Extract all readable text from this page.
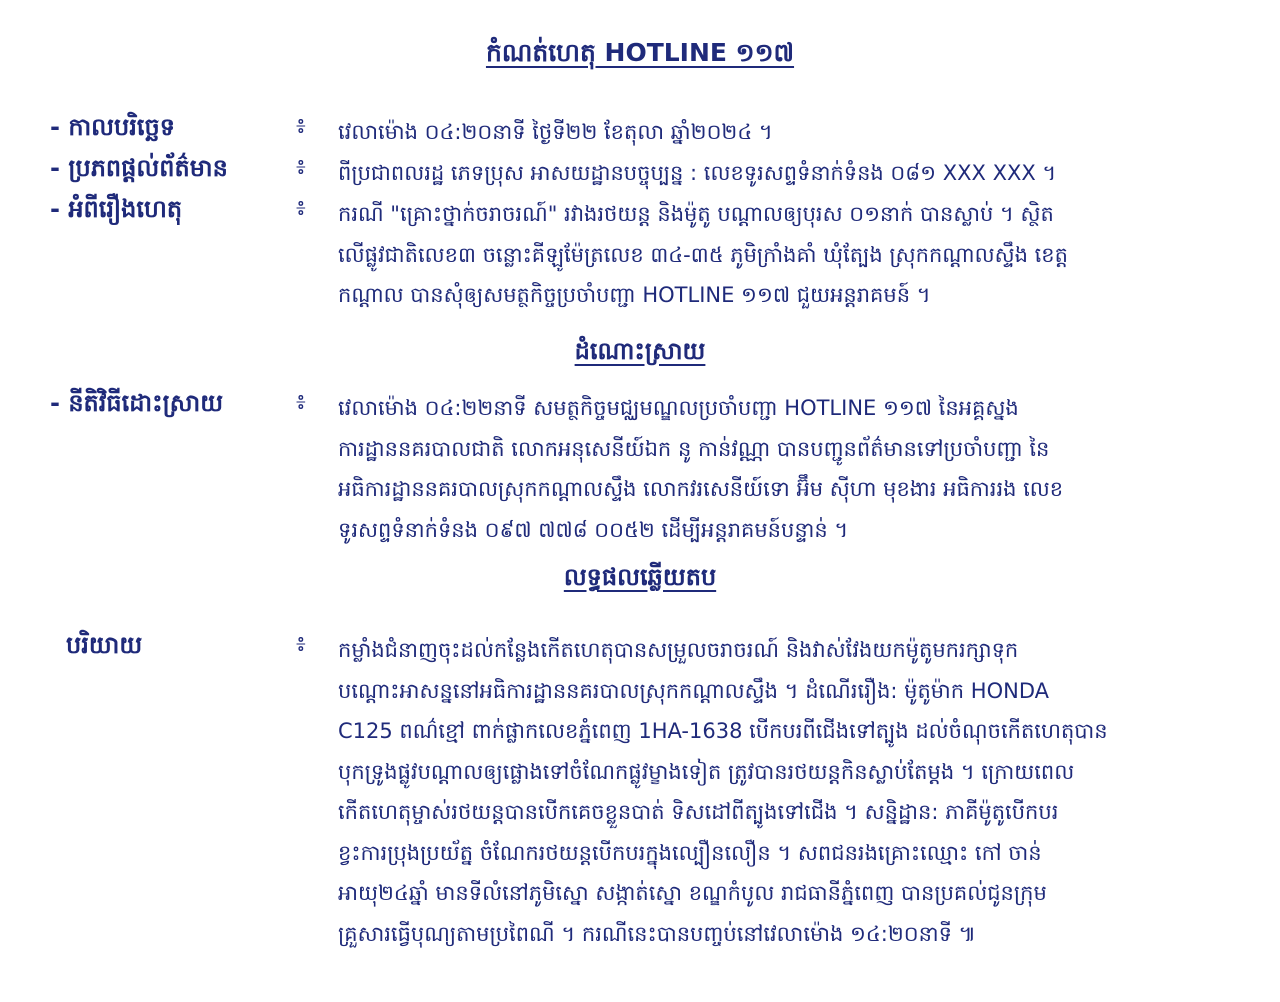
កំណត់ហេតុ HOTLINE ១១៧
- កាលបរិច្ឆេទ	៖ វេលាម៉ោង ០៤:២០នាទី ថ្ងៃទី២២ ខែតុលា ឆ្នាំ២០២៤ ។
- ប្រភពផ្តល់ព័ត៌មាន	៖ ពីប្រជាពលរដ្ឋ ភេទប្រុស អាសយដ្ឋានបច្ចុប្បន្ន : លេខទូរសព្ទទំនាក់ទំនង ០៨១ XXX XXX ។
- អំពីរឿងហេតុ	៖ ករណី "គ្រោះថ្នាក់ចរាចរណ៍" រវាងរថយន្ត និងម៉ូតូ បណ្តាលឲ្យបុរស ០១នាក់ បានស្លាប់ ។ ស្ថិត
លើផ្លូវជាតិលេខ៣ ចន្លោះគីឡូម៉ែត្រលេខ ៣៤-៣៥ ភូមិក្រាំងគាំ ឃុំត្បែង ស្រុកកណ្តាលស្ទឹង ខេត្ត
កណ្តាល បានសុំឲ្យសមត្ថកិច្ចប្រចាំបញ្ជា HOTLINE ១១៧ ជួយអន្តរាគមន៍ ។
ដំណោះស្រាយ
- នីតិវិធីដោះស្រាយ	៖ វេលាម៉ោង ០៤:២២នាទី សមត្ថកិច្ចមជ្ឈមណ្ឌលប្រចាំបញ្ជា HOTLINE ១១៧ នៃអគ្គស្នង
ការដ្ឋាននគរបាលជាតិ លោកអនុសេនីយ៍ឯក នូ កាន់វណ្ណា បានបញ្ជូនព័ត៌មានទៅប្រចាំបញ្ជា នៃ
អធិការដ្ឋាននគរបាលស្រុកកណ្តាលស្ទឹង លោកវរសេនីយ៍ទោ អ៊ឹម ស៊ីហា មុខងារ អធិការរង លេខ
ទូរសព្ទទំនាក់ទំនង ០៩៧ ៧៧៨ ០០៥២ ដើម្បីអន្តរាគមន៍បន្ទាន់ ។
លទ្ធផលឆ្លើយតប
បរិយាយ	៖ កម្លាំងជំនាញចុះដល់កន្លែងកើតហេតុបានសម្រួលចរាចរណ៍ និងវាស់វែងយកម៉ូតូមករក្សាទុក
បណ្តោះអាសន្ននៅអធិការដ្ឋាននគរបាលស្រុកកណ្តាលស្ទឹង ។ ដំណើររឿង: ម៉ូតូម៉ាក HONDA
C125 ពណ៌ខ្មៅ ពាក់ផ្លាកលេខភ្នំពេញ 1HA-1638 បើកបរពីជើងទៅត្បូង ដល់ចំណុចកើតហេតុបាន
បុកទ្រូងផ្លូវបណ្តាលឲ្យផ្លោងទៅចំណែកផ្លូវម្ខាងទៀត ត្រូវបានរថយន្តកិនស្លាប់តែម្តង ។ ក្រោយពេល
កើតហេតុម្ចាស់រថយន្តបានបើកគេចខ្លួនបាត់ ទិសដៅពីត្បូងទៅជើង ។ សន្និដ្ឋាន: ភាគីម៉ូតូបើកបរ
ខ្វះការប្រុងប្រយ័ត្ន ចំណែករថយន្តបើកបរក្នុងល្បឿនលឿន ។ សពជនរងគ្រោះឈ្មោះ កៅ ចាន់
អាយុ២៤ឆ្នាំ មានទីលំនៅភូមិស្នោ សង្កាត់ស្នោ ខណ្ឌកំបូល រាជធានីភ្នំពេញ បានប្រគល់ជូនក្រុម
គ្រួសារធ្វើបុណ្យតាមប្រពៃណី ។ ករណីនេះបានបញ្ចប់នៅវេលាម៉ោង ១៤:២០នាទី ៕
